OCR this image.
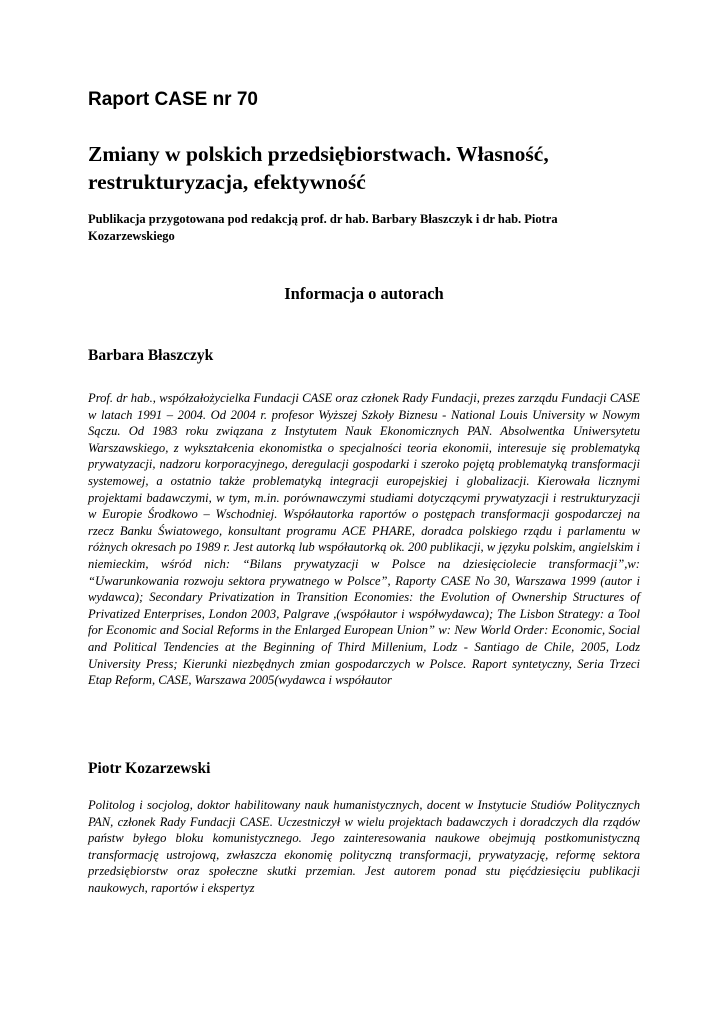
Raport CASE nr 70
Zmiany w polskich przedsiębiorstwach. Własność, restrukturyzacja, efektywność
Publikacja przygotowana pod redakcją prof. dr hab. Barbary Błaszczyk i dr hab. Piotra Kozarzewskiego
Informacja o autorach
Barbara Błaszczyk
Prof. dr hab., współzałożycielka Fundacji CASE oraz członek Rady Fundacji, prezes zarządu Fundacji CASE w latach 1991 – 2004. Od 2004 r. profesor Wyższej Szkoły Biznesu - National Louis University w Nowym Sączu. Od 1983 roku związana z Instytutem Nauk Ekonomicznych PAN. Absolwentka Uniwersytetu Warszawskiego, z wykształcenia ekonomistka o specjalności teoria ekonomii, interesuje się problematyką prywatyzacji, nadzoru korporacyjnego, deregulacji gospodarki i szeroko pojętą problematyką transformacji systemowej, a ostatnio także problematyką integracji europejskiej i globalizacji. Kierowała licznymi projektami badawczymi, w tym, m.in. porównawczymi studiami dotyczącymi prywatyzacji i restrukturyzacji w Europie Środkowo – Wschodniej. Współautorka raportów o postępach transformacji gospodarczej na rzecz Banku Światowego, konsultant programu ACE PHARE, doradca polskiego rządu i parlamentu w różnych okresach po 1989 r. Jest autorką lub współautorką ok. 200 publikacji, w języku polskim, angielskim i niemieckim, wśród nich: “Bilans prywatyzacji w Polsce na dziesięciolecie transformacji”,w: “Uwarunkowania rozwoju sektora prywatnego w Polsce”, Raporty CASE No 30, Warszawa 1999 (autor i wydawca); Secondary Privatization in Transition Economies: the Evolution of Ownership Structures of Privatized Enterprises, London 2003, Palgrave ,(współautor i współwydawca); The Lisbon Strategy: a Tool for Economic and Social Reforms in the Enlarged European Union” w: New World Order: Economic, Social and Political Tendencies at the Beginning of Third Millenium, Lodz - Santiago de Chile, 2005, Lodz University Press; Kierunki niezbędnych zmian gospodarczych w Polsce. Raport syntetyczny, Seria Trzeci Etap Reform, CASE, Warszawa 2005(wydawca i współautor
Piotr Kozarzewski
Politolog i socjolog, doktor habilitowany nauk humanistycznych, docent w Instytucie Studiów Politycznych PAN, członek Rady Fundacji CASE. Uczestniczył w wielu projektach badawczych i doradczych dla rządów państw byłego bloku komunistycznego. Jego zainteresowania naukowe obejmują postkomunistyczną transformację ustrojową, zwłaszcza ekonomię polityczną transformacji, prywatyzację, reformę sektora przedsiębiorstw oraz społeczne skutki przemian. Jest autorem ponad stu pięćdziesięciu publikacji naukowych, raportów i ekspertyz
